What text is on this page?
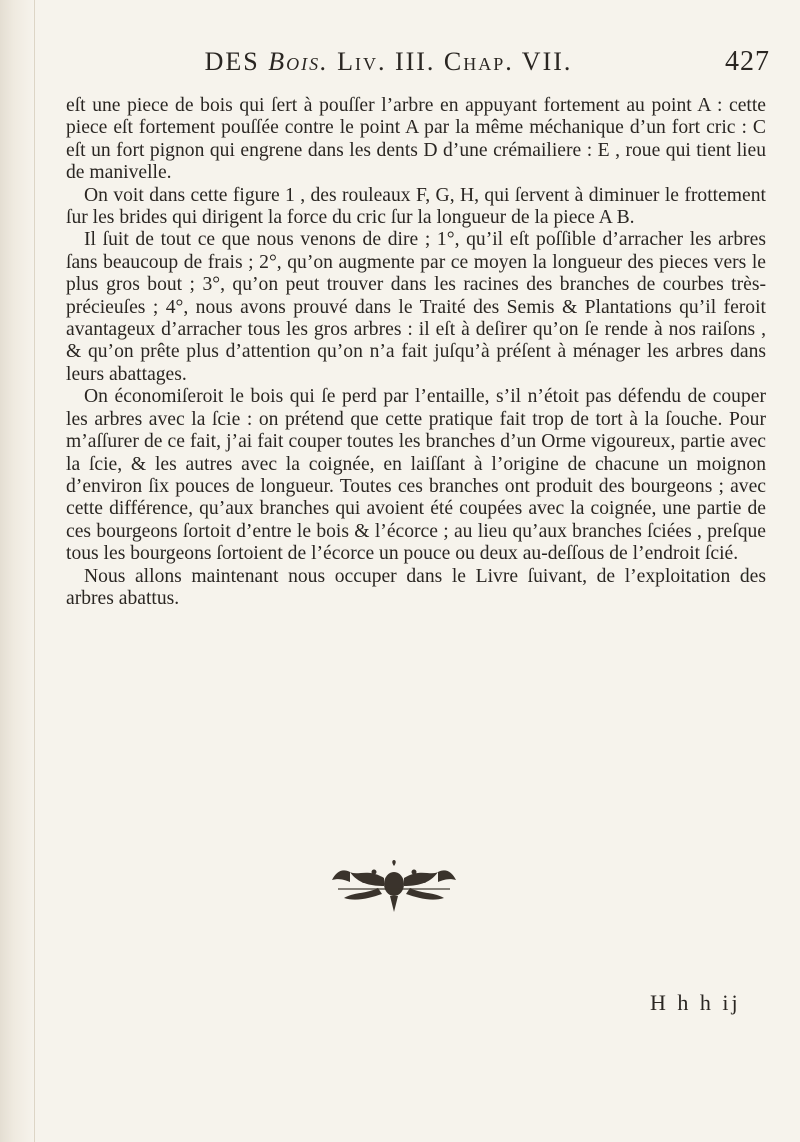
DES Bois. Liv. III. Chap. VII.	427

eſt une piece de bois qui ſert à pouſſer l’arbre en appuyant fortement au point A : cette piece eſt fortement pouſſée contre le point A par la même méchanique d’un fort cric : C eſt un fort pignon qui engrene dans les dents D d’une crémailiere : E , roue qui tient lieu de manivelle.

On voit dans cette figure 1 , des rouleaux F, G, H, qui ſervent à diminuer le frottement ſur les brides qui dirigent la force du cric ſur la longueur de la piece A B.

Il ſuit de tout ce que nous venons de dire ; 1°, qu’il eſt poſſible d’arracher les arbres ſans beaucoup de frais ; 2°, qu’on augmente par ce moyen la longueur des pieces vers le plus gros bout ; 3°, qu’on peut trouver dans les racines des branches de courbes très-précieuſes ; 4°, nous avons prouvé dans le Traité des Semis & Plantations qu’il feroit avantageux d’arracher tous les gros arbres : il eſt à deſirer qu’on ſe rende à nos raiſons , & qu’on prête plus d’attention qu’on n’a fait juſqu’à préſent à ménager les arbres dans leurs abattages.

On économiſeroit le bois qui ſe perd par l’entaille, s’il n’étoit pas défendu de couper les arbres avec la ſcie : on prétend que cette pratique fait trop de tort à la ſouche. Pour m’aſſurer de ce fait, j’ai fait couper toutes les branches d’un Orme vigoureux, partie avec la ſcie, & les autres avec la coignée, en laiſſant à l’origine de chacune un moignon d’environ ſix pouces de longueur. Toutes ces branches ont produit des bourgeons ; avec cette différence, qu’aux branches qui avoient été coupées avec la coignée, une partie de ces bourgeons ſortoit d’entre le bois & l’écorce ; au lieu qu’aux branches ſciées , preſque tous les bourgeons ſortoient de l’écorce un pouce ou deux au-deſſous de l’endroit ſcié.

Nous allons maintenant nous occuper dans le Livre ſuivant, de l’exploitation des arbres abattus.

H h h ij
